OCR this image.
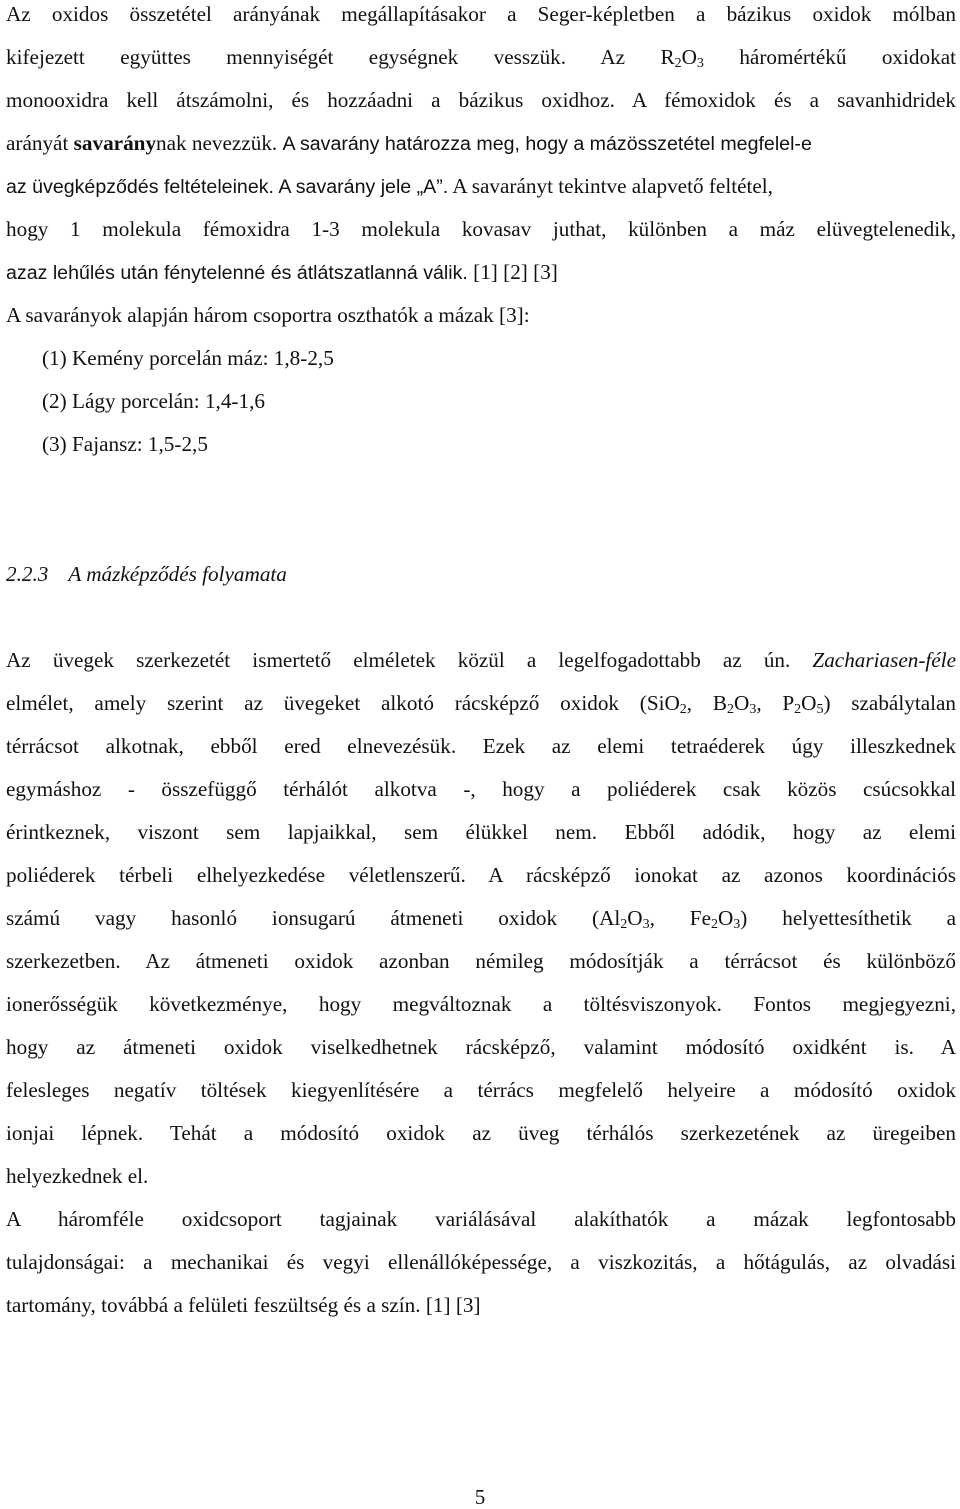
Az oxidos összetétel arányának megállapításakor a Seger-képletben a bázikus oxidok mólban
kifejezett együttes mennyiségét egységnek vesszük. Az $R_2O_3$ háromértékű oxidokat
monooxidra kell átszámolni, és hozzáadni a bázikus oxidhoz. A fémoxidok és a savanhidridek
arányát savaránynak nevezzük. A savarány határozza meg, hogy a mázösszetétel megfelel-e
az üvegképződés feltételeinek. A savarány jele „A”. A savarányt tekintve alapvető feltétel,
hogy 1 molekula fémoxidra 1-3 molekula kovasav juthat, különben a máz elüvegtelenedik,
azaz lehűlés után fénytelenné és átlátszatlanná válik. [1] [2] [3]
A savarányok alapján három csoportra oszthatók a mázak [3]:
(1) Kemény porcelán máz: 1,8-2,5
(2) Lágy porcelán: 1,4-1,6
(3) Fajansz: 1,5-2,5
2.2.3 A mázképződés folyamata
Az üvegek szerkezetét ismertető elméletek közül a legelfogadottabb az ún. Zachariasen-féle
elmélet, amely szerint az üvegeket alkotó rácsképző oxidok (SiO$_2$, $B_2O_3$, $P_2O_5$) szabálytalan
térrácsot alkotnak, ebből ered elnevezésük. Ezek az elemi tetraéderek úgy illeszkednek
egymáshoz - összefüggő térhálót alkotva -, hogy a poliéderek csak közös csúcsokkal
érintkeznek, viszont sem lapjaikkal, sem élükkel nem. Ebből adódik, hogy az elemi
poliéderek térbeli elhelyezkedése véletlenszerű. A rácsképző ionokat az azonos koordinációs
számú vagy hasonló ionsugarú átmeneti oxidok ($Al_2O_3$, $Fe_2O_3$) helyettesíthetik a
szerkezetben. Az átmeneti oxidok azonban némileg módosítják a térrácsot és különböző
ionerősségük következménye, hogy megváltoznak a töltésviszonyok. Fontos megjegyezni,
hogy az átmeneti oxidok viselkedhetnek rácsképző, valamint módosító oxidként is. A
felesleges negatív töltések kiegyenlítésére a térrács megfelelő helyeire a módosító oxidok
ionjai lépnek. Tehát a módosító oxidok az üveg térhálós szerkezetének az üregeiben
helyezkednek el.
A háromféle oxidcsoport tagjainak variálásával alakíthatók a mázak legfontosabb
tulajdonságai: a mechanikai és vegyi ellenállóképessége, a viszkozitás, a hőtágulás, az olvadási
tartomány, továbbá a felületi feszültség és a szín. [1] [3]
5
